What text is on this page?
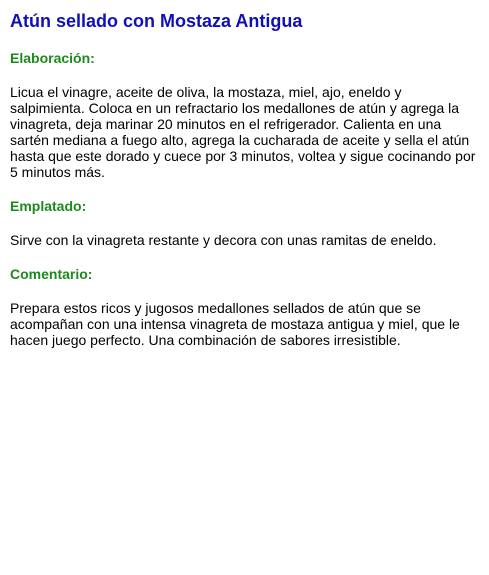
Atún sellado con Mostaza Antigua
Elaboración:

Licua el vinagre, aceite de oliva, la mostaza, miel, ajo, eneldo y salpimienta. Coloca en un refractario los medallones de atún y agrega la vinagreta, deja marinar 20 minutos en el refrigerador. Calienta en una sartén mediana a fuego alto, agrega la cucharada de aceite y sella el atún hasta que este dorado y cuece por 3 minutos, voltea y sigue cocinando por 5 minutos más.

Emplatado:

Sirve con la vinagreta restante y decora con unas ramitas de eneldo.

Comentario:

Prepara estos ricos y jugosos medallones sellados de atún que se acompañan con una intensa vinagreta de mostaza antigua y miel, que le hacen juego perfecto. Una combinación de sabores irresistible.
